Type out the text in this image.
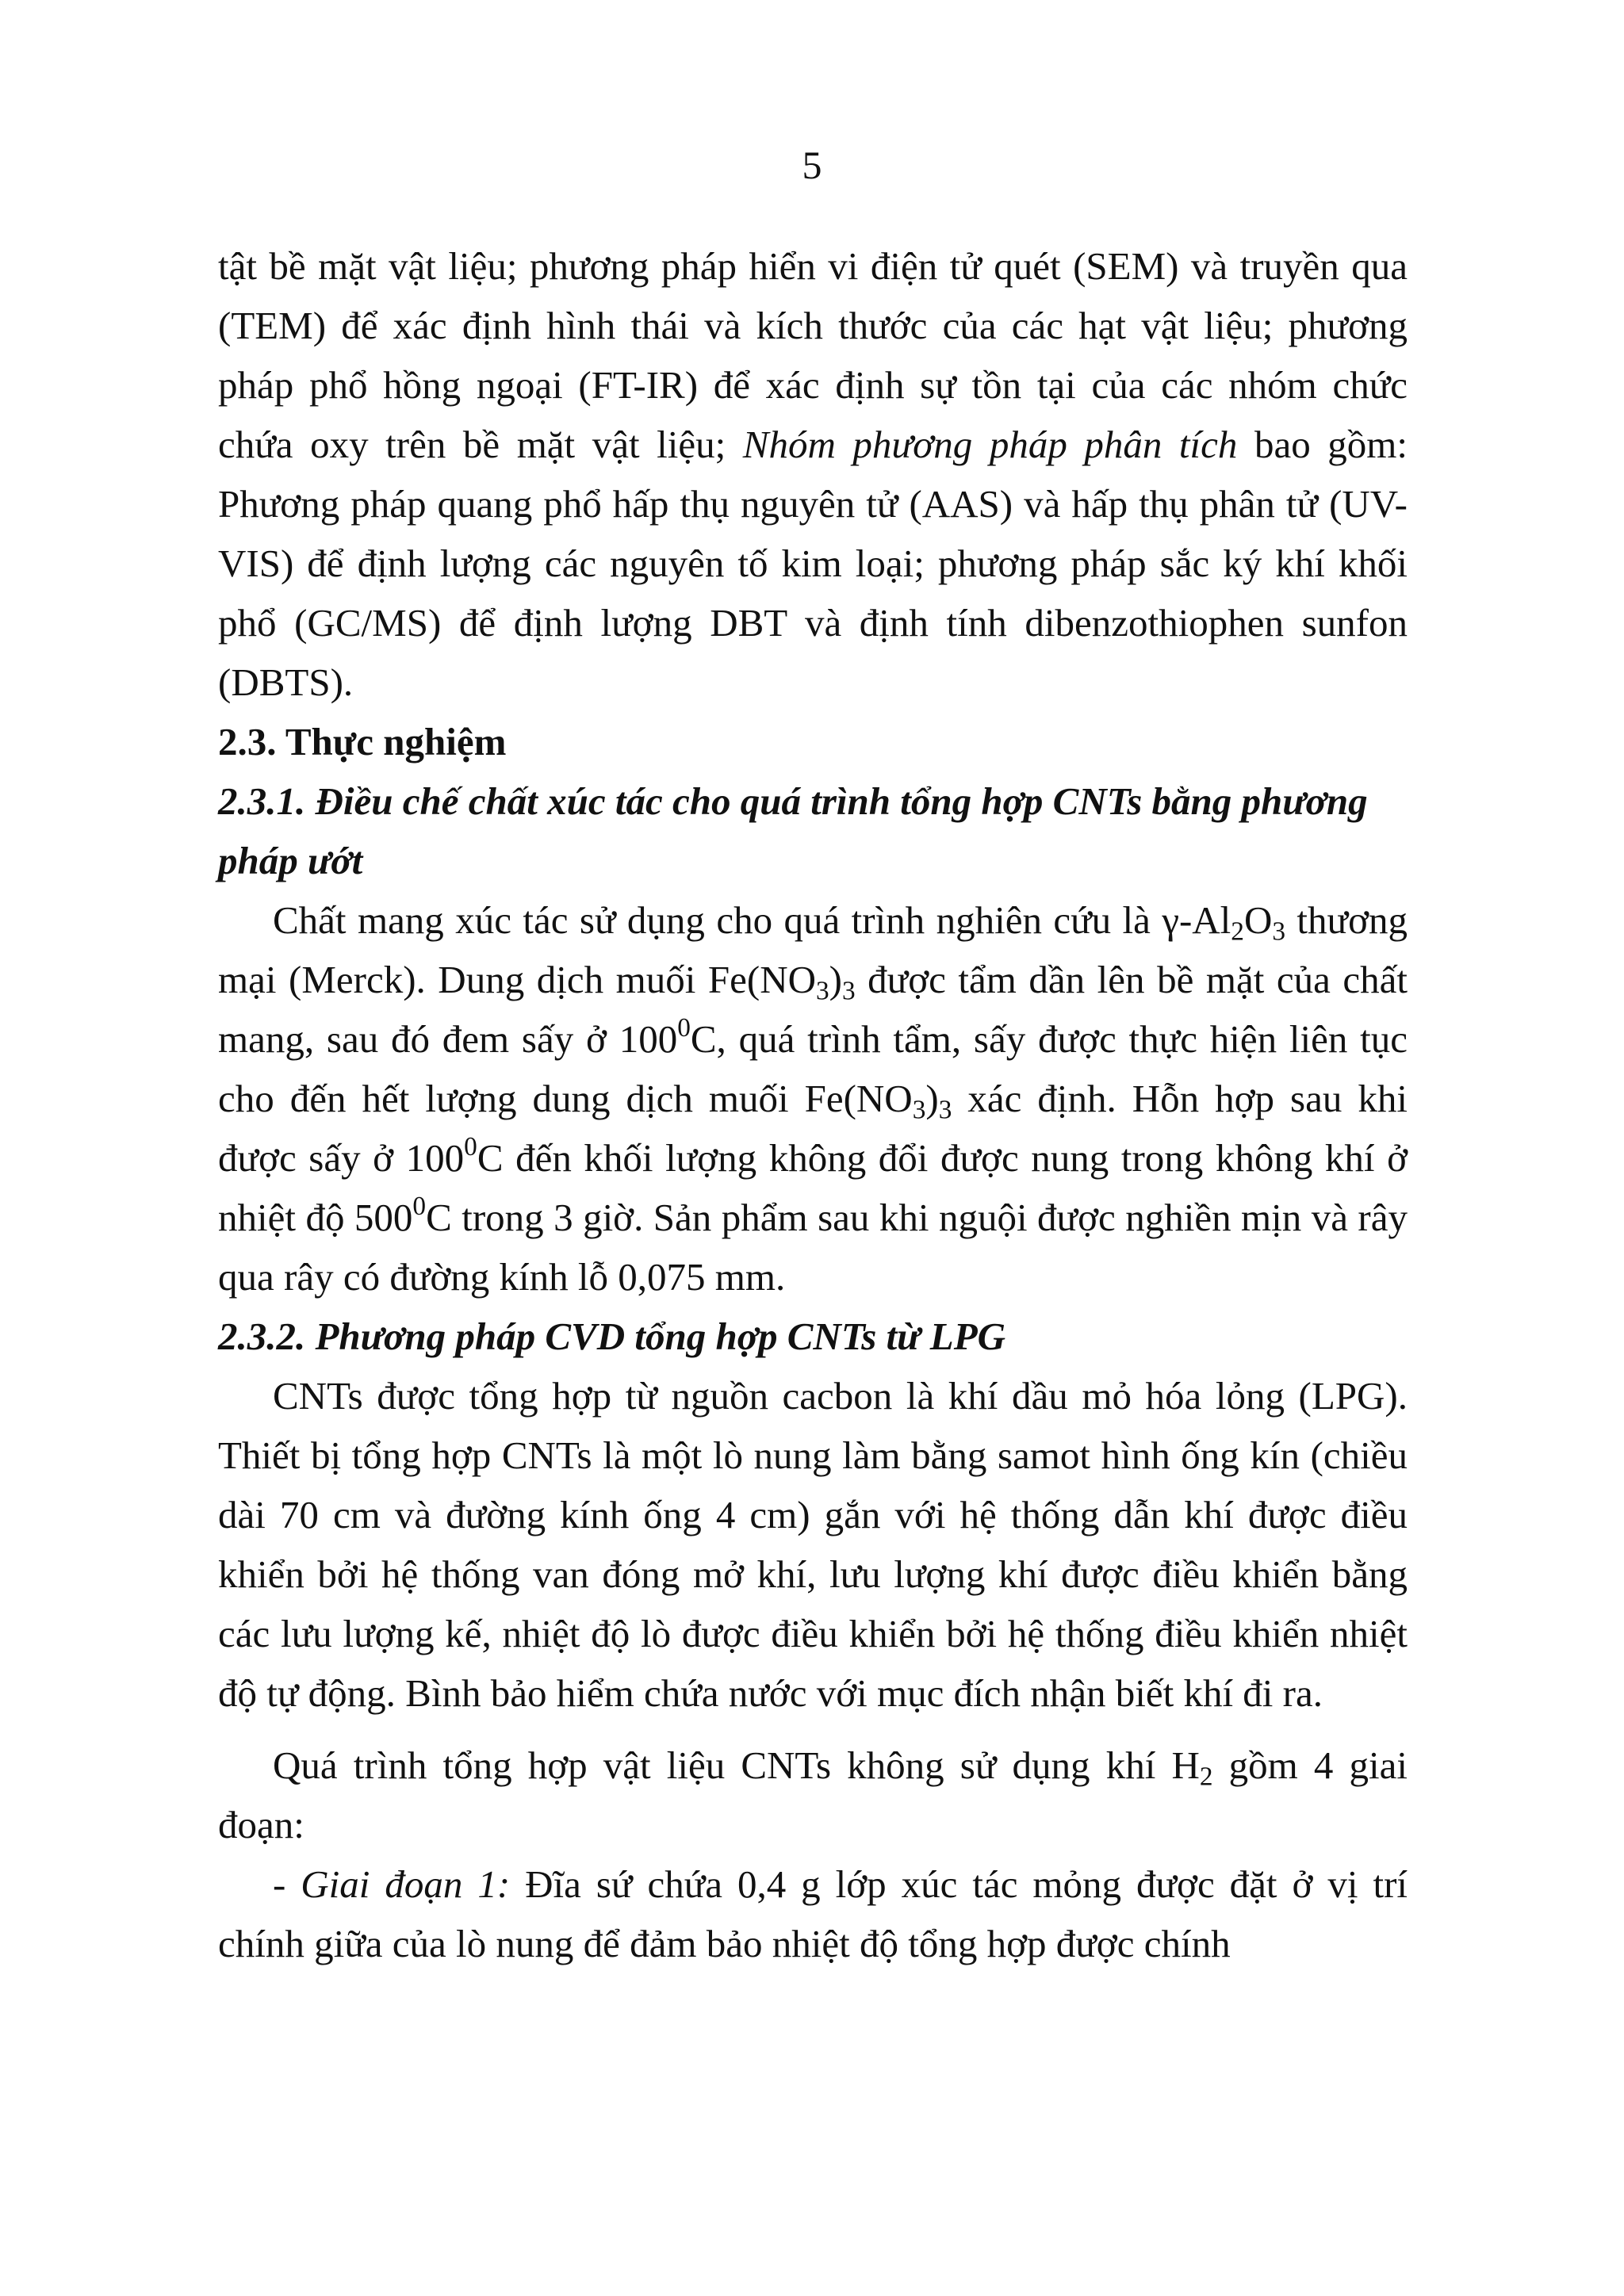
5

tật bề mặt vật liệu; phương pháp hiển vi điện tử quét (SEM) và truyền qua (TEM) để xác định hình thái và kích thước của các hạt vật liệu; phương pháp phổ hồng ngoại (FT-IR) để xác định sự tồn tại của các nhóm chức chứa oxy trên bề mặt vật liệu; Nhóm phương pháp phân tích bao gồm: Phương pháp quang phổ hấp thụ nguyên tử (AAS) và hấp thụ phân tử (UV-VIS) để định lượng các nguyên tố kim loại; phương pháp sắc ký khí khối phổ (GC/MS) để định lượng DBT và định tính dibenzothiophen sunfon (DBTS).

2.3. Thực nghiệm

2.3.1. Điều chế chất xúc tác cho quá trình tổng hợp CNTs bằng phương pháp ướt

Chất mang xúc tác sử dụng cho quá trình nghiên cứu là $\gamma-Al_2O_3$ thương mại (Merck). Dung dịch muối $Fe(NO_3)_3$ được tẩm dần lên bề mặt của chất mang, sau đó đem sấy ở $100^0C$, quá trình tẩm, sấy được thực hiện liên tục cho đến hết lượng dung dịch muối $Fe(NO_3)_3$ xác định. Hỗn hợp sau khi được sấy ở $100^0C$ đến khối lượng không đổi được nung trong không khí ở nhiệt độ $500^0C$ trong 3 giờ. Sản phẩm sau khi nguội được nghiền mịn và rây qua rây có đường kính lỗ 0,075 mm.

2.3.2. Phương pháp CVD tổng hợp CNTs từ LPG

CNTs được tổng hợp từ nguồn cacbon là khí dầu mỏ hóa lỏng (LPG). Thiết bị tổng hợp CNTs là một lò nung làm bằng samot hình ống kín (chiều dài 70 cm và đường kính ống 4 cm) gắn với hệ thống dẫn khí được điều khiển bởi hệ thống van đóng mở khí, lưu lượng khí được điều khiển bằng các lưu lượng kế, nhiệt độ lò được điều khiển bởi hệ thống điều khiển nhiệt độ tự động. Bình bảo hiểm chứa nước với mục đích nhận biết khí đi ra.

Quá trình tổng hợp vật liệu CNTs không sử dụng khí $H_2$ gồm 4 giai đoạn:

- Giai đoạn 1: Đĩa sứ chứa 0,4 g lớp xúc tác mỏng được đặt ở vị trí chính giữa của lò nung để đảm bảo nhiệt độ tổng hợp được chính
